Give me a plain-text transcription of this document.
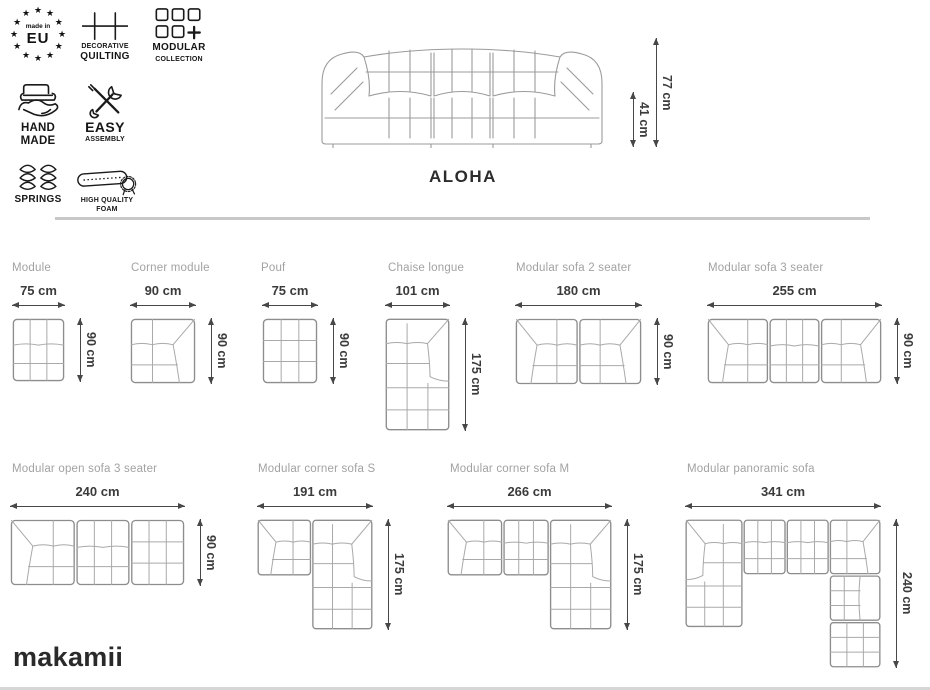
★ ★
★
★
★
★
★
★
★
★
★
★
made in
EU	DECORATIVE
QUILTING
MODULAR
COLLECTION
HAND
MADE
EASY
ASSEMBLY
SPRINGS	HIGH QUALITY
FOAM
41 cm
77 cm
ALOHA
Module
75 cm
90 cm
Corner module
90 cm
90 cm
Pouf
75 cm
90 cm
Chaise longue
101 cm
175 cm
Modular sofa 2 seater
180 cm
90 cm
Modular sofa 3 seater
255 cm
90 cm
Modular open sofa 3 seater
240 cm
90 cm
Modular corner sofa S
191 cm
175 cm
Modular corner sofa M
266 cm
175 cm
Modular panoramic sofa
341 cm
240 cm
makamii
